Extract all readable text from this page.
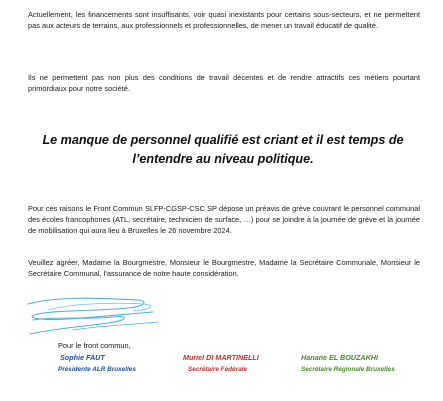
Actuellement, les financements sont insuffisants, voir quasi inexistants pour certains sous-secteurs, et ne permettent pas aux acteurs de terrains, aux professionnels et professionnelles, de mener un travail éducatif de qualité.

Ils ne permettent pas non plus des conditions de travail décentes et de rendre attractifs ces métiers pourtant primordiaux pour notre société.

Le manque de personnel qualifié est criant et il est temps de l’entendre au niveau politique.

Pour ces raisons le Front Commun SLFP-CGSP-CSC SP dépose un préavis de grève couvrant le personnel communal des écoles francophones (ATL, secrétaire, technicien de surface, …) pour se joindre à la journée de grève et la journée de mobilisation qui aura lieu à Bruxelles le 26 novembre 2024.

Veuillez agréer, Madame la Bourgmestre, Monsieur le Bourgmestre, Madame la Secrétaire Communale, Monsieur le Secrétaire Communal, l’assurance de notre haute considération.

Pour le front commun,

Sophie FAUT

Présidente ALR Bruxelles

Muriel DI MARTINELLI

Secrétaire Fédérale

Hanane EL BOUZAKHI

Secrétaire Régionale Bruxelles
